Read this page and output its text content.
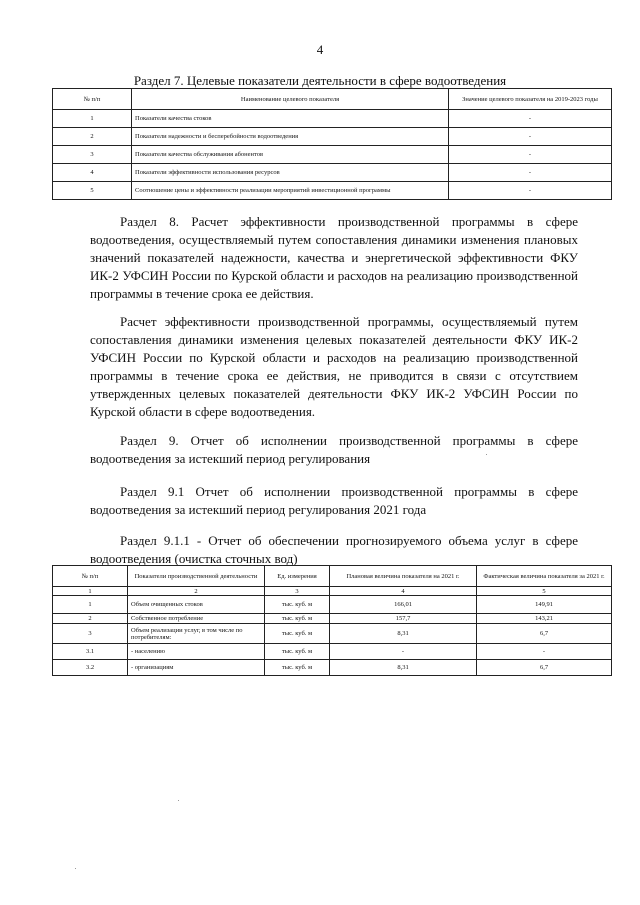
4
Раздел 7. Целевые показатели деятельности в сфере водоотведения
№ п/п	Наименование целевого показателя	Значение целевого показателя на 2019-2023 годы
1	Показатели качества стоков	-
2	Показатели надежности и бесперебойности водоотведения	-
3	Показатели качества обслуживания абонентов	-
4	Показатели эффективности использования ресурсов	-
5	Соотношение цены и эффективности реализации мероприятий инвестиционной программы	-

Раздел 8. Расчет эффективности производственной программы в сфере водоотведения, осуществляемый путем сопоставления динамики изменения плановых значений показателей надежности, качества и энергетической эффективности ФКУ ИК-2 УФСИН России по Курской области и расходов на реализацию производственной программы в течение срока ее действия.

Расчет эффективности производственной программы, осуществляемый путем сопоставления динамики изменения целевых показателей деятельности ФКУ ИК-2 УФСИН России по Курской области и расходов на реализацию производственной программы в течение срока ее действия, не приводится в связи с отсутствием утвержденных целевых показателей деятельности ФКУ ИК-2 УФСИН России по Курской области в сфере водоотведения.

Раздел 9. Отчет об исполнении производственной программы в сфере водоотведения за истекший период регулирования

Раздел 9.1 Отчет об исполнении производственной программы в сфере водоотведения за истекший период регулирования 2021 года

Раздел 9.1.1 - Отчет об обеспечении прогнозируемого объема услуг в сфере водоотведения (очистка сточных вод)

№ п/п	Показатели производственной деятельности	Ед. измерения	Плановая величина показателя на 2021 г.	Фактическая величина показателя за 2021 г.
1	2	3	4	5
1	Объем очищенных стоков	тыс. куб. м	166,01	149,91
2	Собственное потребление	тыс. куб. м	157,7	143,21
3	Объем реализации услуг, в том числе по потребителям:	тыс. куб. м	8,31	6,7
3.1	- населению	тыс. куб. м	-	-
3.2	- организациям	тыс. куб. м	8,31	6,7
